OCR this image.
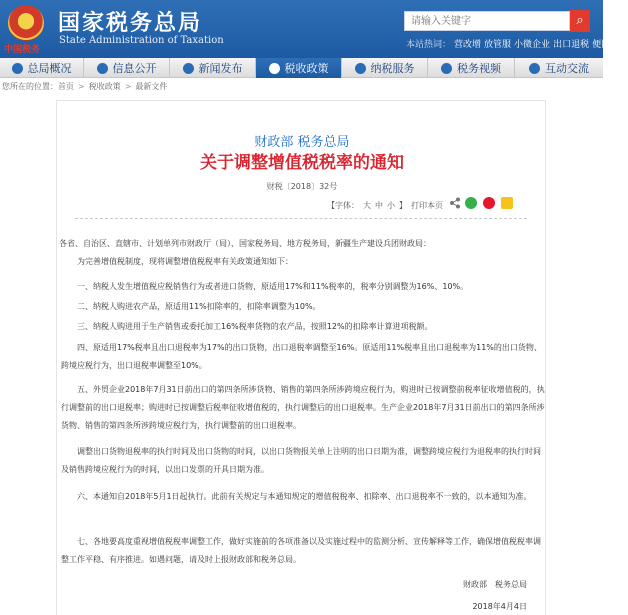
中国税务
国家税务总局
State Administration of Taxation
请输入关键字
⌕
本站热词： 营改增 放管服 小微企业 出口退税 便民服务
总局概况	信息公开	新闻发布	税收政策	纳税服务	税务视频	互动交流
您所在的位置：首页 > 税收政策 > 最新文件
财政部 税务总局
关于调整增值税税率的通知
财税〔2018〕32号
【字体： 大 中 小 】 打印本页
各省、自治区、直辖市、计划单列市财政厅（局）、国家税务局、地方税务局，新疆生产建设兵团财政局：
为完善增值税制度，现将调整增值税税率有关政策通知如下：
一、纳税人发生增值税应税销售行为或者进口货物，原适用17%和11%税率的，税率分别调整为16%、10%。
二、纳税人购进农产品，原适用11%扣除率的，扣除率调整为10%。
三、纳税人购进用于生产销售或委托加工16%税率货物的农产品，按照12%的扣除率计算进项税额。
四、原适用17%税率且出口退税率为17%的出口货物，出口退税率调整至16%。原适用11%税率且出口退税率为11%的出口货物、跨境应税行为，出口退税率调整至10%。
五、外贸企业2018年7月31日前出口的第四条所涉货物、销售的第四条所涉跨境应税行为，购进时已按调整前税率征收增值税的，执行调整前的出口退税率；购进时已按调整后税率征收增值税的，执行调整后的出口退税率。生产企业2018年7月31日前出口的第四条所涉货物、销售的第四条所涉跨境应税行为，执行调整前的出口退税率。
调整出口货物退税率的执行时间及出口货物的时间，以出口货物报关单上注明的出口日期为准，调整跨境应税行为退税率的执行时间及销售跨境应税行为的时间，以出口发票的开具日期为准。
六、本通知自2018年5月1日起执行。此前有关规定与本通知规定的增值税税率、扣除率、出口退税率不一致的，以本通知为准。
七、各地要高度重视增值税税率调整工作，做好实施前的各项准备以及实施过程中的监测分析、宣传解释等工作，确保增值税税率调整工作平稳、有序推进。如遇问题，请及时上报财政部和税务总局。
财政部　税务总局
2018年4月4日
